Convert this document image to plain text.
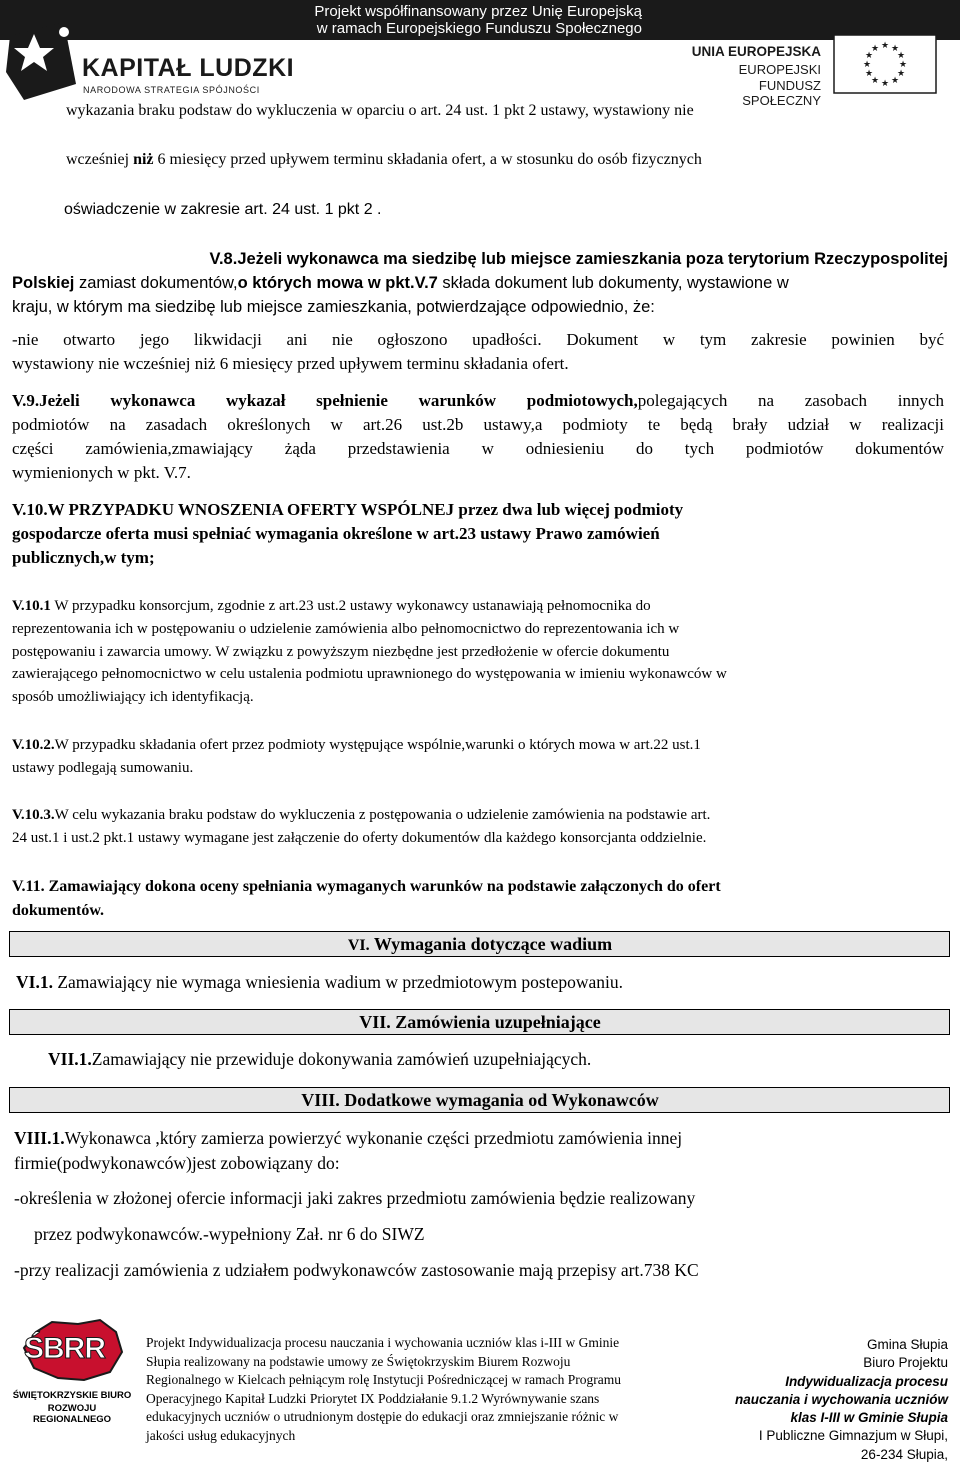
Projekt współfinansowany przez Unię Europejską
w ramach Europejskiego Funduszu Społecznego
KAPITAŁ LUDZKI
NARODOWA STRATEGIA SPÓJNOŚCI
UNIA EUROPEJSKA
EUROPEJSKI
FUNDUSZ SPOŁECZNY
★ ★
★
★
★
★
★
★
★
★
★
★
wykazania braku podstaw do wykluczenia w oparciu o art. 24 ust. 1 pkt 2 ustawy, wystawiony nie
wcześniej niż 6 miesięcy przed upływem terminu składania ofert, a w stosunku do osób fizycznych
oświadczenie w zakresie art. 24 ust. 1 pkt 2 .
V.8.Jeżeli wykonawca ma siedzibę lub miejsce zamieszkania poza terytorium Rzeczypospolitej
Polskiej zamiast dokumentów,o których mowa w pkt.V.7 składa dokument lub dokumenty, wystawione w
kraju, w którym ma siedzibę lub miejsce zamieszkania, potwierdzające odpowiednio, że:
-nie otwarto jego likwidacji ani nie ogłoszono upadłości. Dokument w tym zakresie powinien być
wystawiony nie wcześniej niż 6 miesięcy przed upływem terminu składania ofert.
V.9.Jeżeli wykonawca wykazał spełnienie warunków podmiotowych,polegających na zasobach innych
podmiotów na zasadach określonych w art.26 ust.2b ustawy,a podmioty te będą brały udział w realizacji
części zamówienia,zmawiający żąda przedstawienia w odniesieniu do tych podmiotów dokumentów
wymienionych w pkt. V.7.
V.10.W PRZYPADKU WNOSZENIA OFERTY WSPÓLNEJ przez dwa lub więcej podmioty
gospodarcze oferta musi spełniać wymagania określone w art.23 ustawy Prawo zamówień
publicznych,w tym;
V.10.1 W przypadku konsorcjum, zgodnie z art.23 ust.2 ustawy wykonawcy ustanawiają pełnomocnika do
reprezentowania ich w postępowaniu o udzielenie zamówienia albo pełnomocnictwo do reprezentowania ich w
postępowaniu i zawarcia umowy. W związku z powyższym niezbędne jest przedłożenie w ofercie dokumentu
zawierającego pełnomocnictwo w celu ustalenia podmiotu uprawnionego do występowania w imieniu wykonawców w
sposób umożliwiający ich identyfikacją.
V.10.2.W przypadku składania ofert przez podmioty występujące wspólnie,warunki o których mowa w art.22 ust.1
ustawy podlegają sumowaniu.
V.10.3.W celu wykazania braku podstaw do wykluczenia z postępowania o udzielenie zamówienia na podstawie art.
24 ust.1 i ust.2 pkt.1 ustawy wymagane jest załączenie do oferty dokumentów dla każdego konsorcjanta oddzielnie.
V.11. Zamawiający dokona oceny spełniania wymaganych warunków na podstawie załączonych do ofert
dokumentów.
VI. Wymagania dotyczące wadium
VI.1. Zamawiający nie wymaga wniesienia wadium w przedmiotowym postepowaniu.
VII. Zamówienia uzupełniające
VII.1.Zamawiający nie przewiduje dokonywania zamówień uzupełniających.
VIII. Dodatkowe wymagania od Wykonawców
VIII.1.Wykonawca ,który zamierza powierzyć wykonanie części przedmiotu zamówienia innej
firmie(podwykonawców)jest zobowiązany do:
-określenia w złożonej ofercie informacji jaki zakres przedmiotu zamówienia będzie realizowany
przez podwykonawców.-wypełniony Zał. nr 6 do SIWZ
-przy realizacji zamówienia z udziałem podwykonawców zastosowanie mają przepisy art.738 KC
ŚBRR
ŚWIĘTOKRZYSKIE BIURO
ROZWOJU REGIONALNEGO
Projekt Indywidualizacja procesu nauczania i wychowania uczniów klas i-III w Gminie
Słupia realizowany na podstawie umowy ze Świętokrzyskim Biurem Rozwoju
Regionalnego w Kielcach pełniącym rolę Instytucji Pośredniczącej w ramach Programu
Operacyjnego Kapitał Ludzki Priorytet IX Poddziałanie 9.1.2 Wyrównywanie szans
edukacyjnych uczniów o utrudnionym dostępie do edukacji oraz zmniejszanie różnic w
jakości usług edukacyjnych
Gmina Słupia
Biuro Projektu
Indywidualizacja procesu
nauczania i wychowania uczniów
klas I-III w Gminie Słupia
I Publiczne Gimnazjum w Słupi,
26-234 Słupia,
